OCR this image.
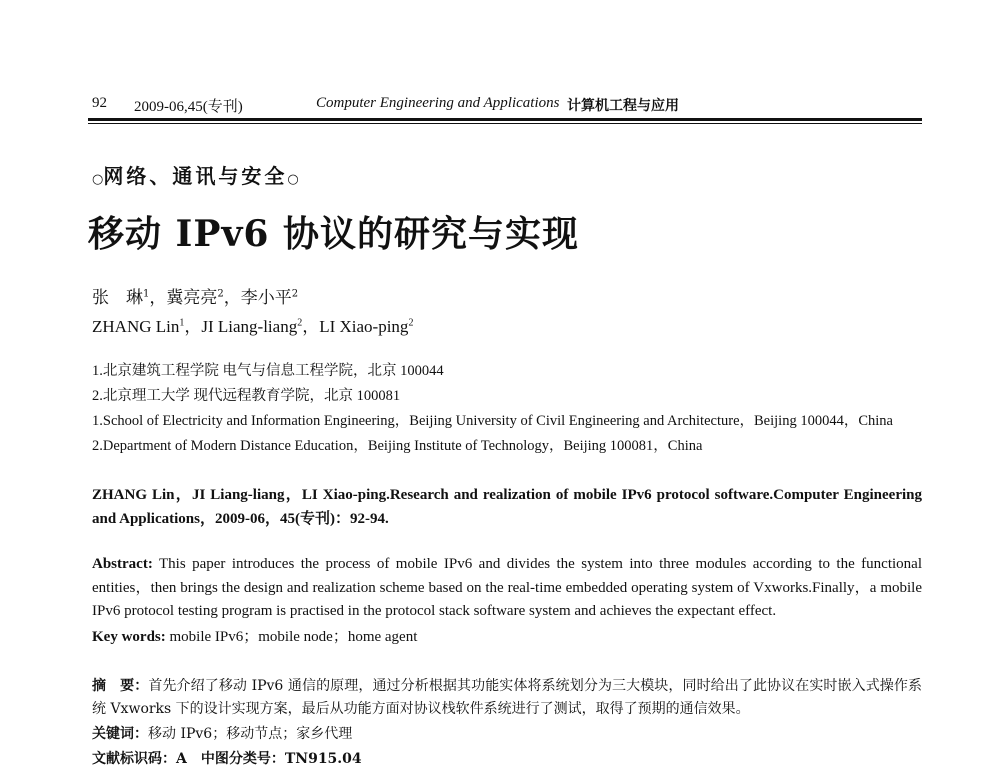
92 2009-06,45(专刊)	Computer Engineering and Applications 计算机工程与应用
○网络、通讯与安全○
移动 IPv6 协议的研究与实现
张　琳$^1$，冀亮亮$^2$，李小平$^2$
ZHANG Lin$^1$，JI Liang-liang$^2$，LI Xiao-ping$^2$
1.北京建筑工程学院 电气与信息工程学院，北京 100044
2.北京理工大学 现代远程教育学院，北京 100081
1.School of Electricity and Information Engineering，Beijing University of Civil Engineering and Architecture，Beijing 100044，China
2.Department of Modern Distance Education，Beijing Institute of Technology，Beijing 100081，China
ZHANG Lin，JI Liang-liang，LI Xiao-ping.Research and realization of mobile IPv6 protocol software.Computer Engineering and Applications，2009-06，45(专刊)：92-94.
Abstract: This paper introduces the process of mobile IPv6 and divides the system into three modules according to the functional entities，then brings the design and realization scheme based on the real-time embedded operating system of Vxworks.Finally，a mobile IPv6 protocol testing program is practised in the protocol stack software system and achieves the expectant effect.
Key words: mobile IPv6；mobile node；home agent
摘　要：首先介绍了移动 IPv6 通信的原理，通过分析根据其功能实体将系统划分为三大模块，同时给出了此协议在实时嵌入式操作系统 Vxworks 下的设计实现方案，最后从功能方面对协议栈软件系统进行了测试，取得了预期的通信效果。
关键词：移动 IPv6；移动节点；家乡代理
文献标识码：A　中图分类号：TN915.04
